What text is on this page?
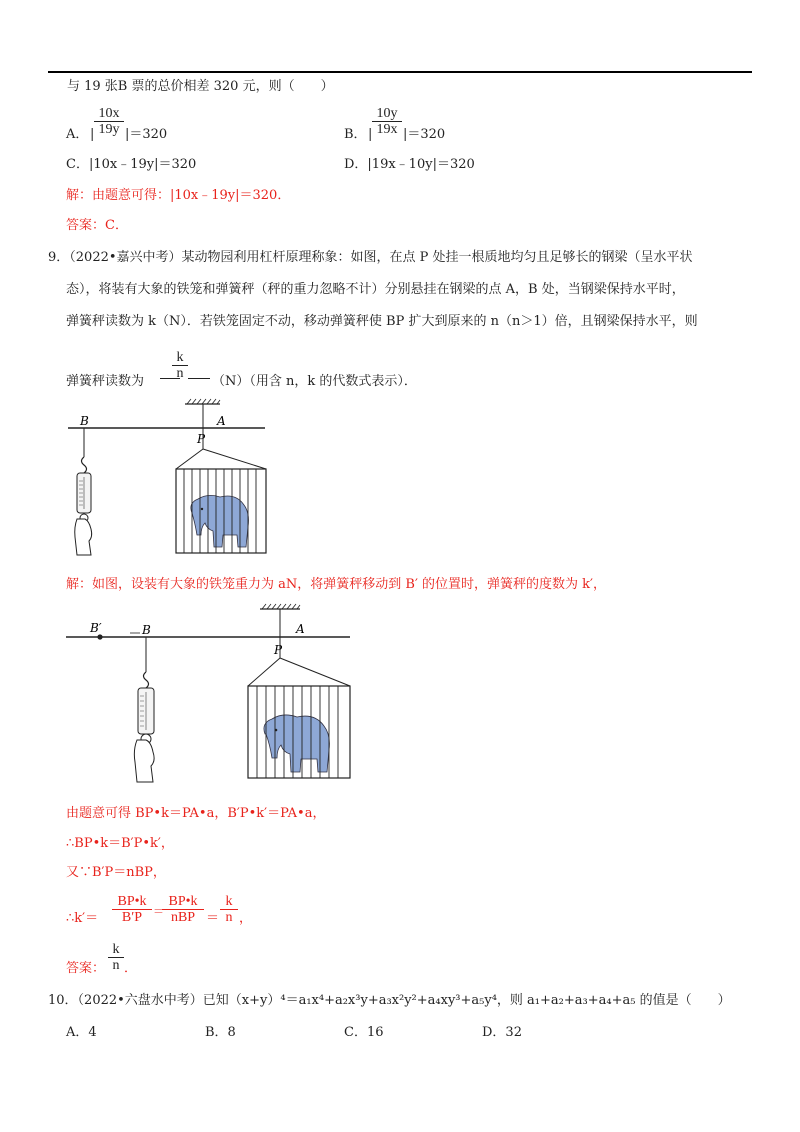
与 19 张B 票的总价相差 320 元，则（　　）
A． |
10x
19y |＝320	B． |
10y
19x |＝320
C．|10x﹣19y|＝320	D．|19x﹣10y|＝320
解：由题意可得：|10x﹣19y|＝320．
答案：C．
9．（2022•嘉兴中考）某动物园利用杠杆原理称象：如图，在点 P 处挂一根质地均匀且足够长的钢梁（呈水平状
态），将装有大象的铁笼和弹簧秤（秤的重力忽略不计）分别悬挂在钢梁的点 A，B 处，当钢梁保持水平时，
弹簧秤读数为 k（N）．若铁笼固定不动，移动弹簧秤使 BP 扩大到原来的 n（n＞1）倍，且钢梁保持水平，则
弹簧秤读数为
k
n
（N）（用含 n，k 的代数式表示）．
B	A
P
解：如图，设装有大象的铁笼重力为 aN，将弹簧秤移动到 B′ 的位置时，弹簧秤的度数为 k′，
B′	B	A
P
由题意可得 BP•k＝PA•a，B′P•k′＝PA•a，
∴BP•k＝B′P•k′，
又∵B′P＝nBP，
∴k′＝
BP•k
B′P ＝
BP•k
nBP ＝
k
n ，
答案：
k
n ．
10．（2022•六盘水中考）已知（x+y）⁴＝a₁x⁴+a₂x³y+a₃x²y²+a₄xy³+a₅y⁴，则 a₁+a₂+a₃+a₄+a₅ 的值是（　　）
A．4	B．8	C．16	D．32
